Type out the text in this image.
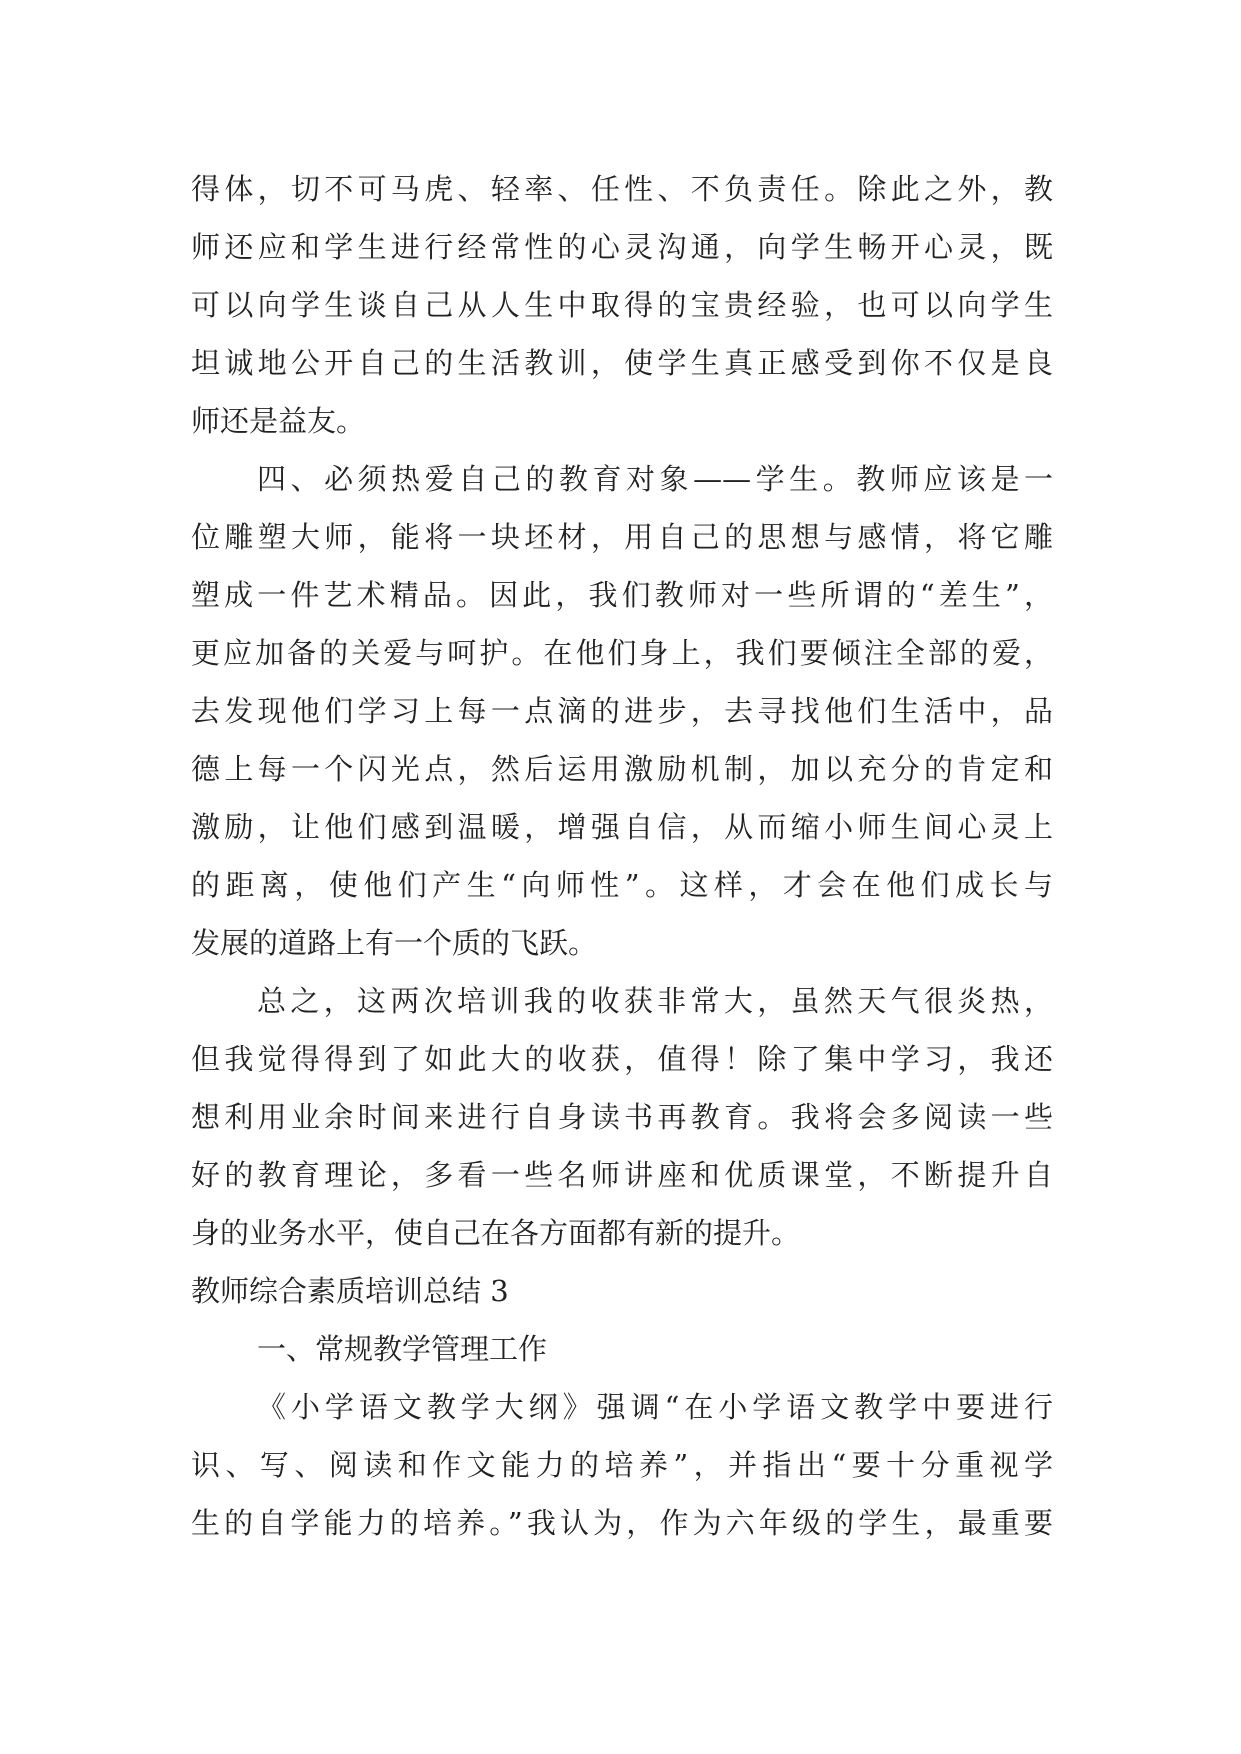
得体，切不可马虎、轻率、任性、不负责任。除此之外，教
师还应和学生进行经常性的心灵沟通，向学生畅开心灵，既
可以向学生谈自己从人生中取得的宝贵经验，也可以向学生
坦诚地公开自己的生活教训，使学生真正感受到你不仅是良
师还是益友。
四、必须热爱自己的教育对象——学生。教师应该是一
位雕塑大师，能将一块坯材，用自己的思想与感情，将它雕
塑成一件艺术精品。因此，我们教师对一些所谓的“差生”，
更应加备的关爱与呵护。在他们身上，我们要倾注全部的爱，
去发现他们学习上每一点滴的进步，去寻找他们生活中，品
德上每一个闪光点，然后运用激励机制，加以充分的肯定和
激励，让他们感到温暖，增强自信，从而缩小师生间心灵上
的距离，使他们产生“向师性”。这样，才会在他们成长与
发展的道路上有一个质的飞跃。
总之，这两次培训我的收获非常大，虽然天气很炎热，
但我觉得得到了如此大的收获，值得！除了集中学习，我还
想利用业余时间来进行自身读书再教育。我将会多阅读一些
好的教育理论，多看一些名师讲座和优质课堂，不断提升自
身的业务水平，使自己在各方面都有新的提升。
教师综合素质培训总结 3
一、常规教学管理工作
《小学语文教学大纲》强调“在小学语文教学中要进行
识、写、阅读和作文能力的培养”，并指出“要十分重视学
生的自学能力的培养。”我认为，作为六年级的学生，最重要
